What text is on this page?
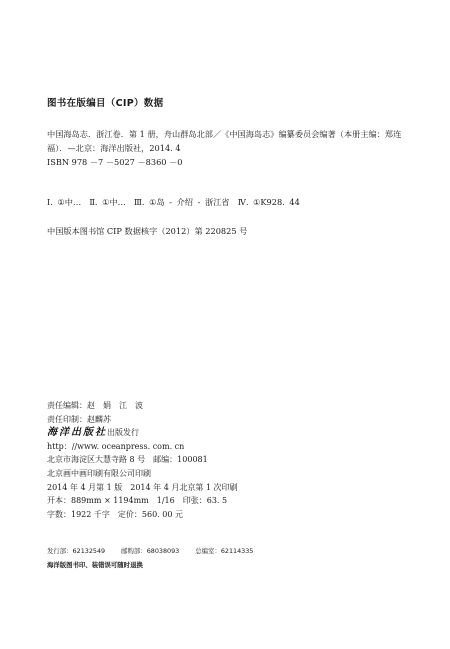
图书在版编目（CIP）数据
中国海岛志．浙江卷．第 1 册，舟山群岛北部／《中国海岛志》编纂委员会编著（本册主编：郑连
福）．—北京：海洋出版社，2014. 4
ISBN 978 －7 －5027 －8360 －0
Ⅰ. ①中…　Ⅱ. ①中…　Ⅲ. ①岛 - 介绍 - 浙江省　Ⅳ. ①K928. 44
中国版本图书馆 CIP 数据核字（2012）第 220825 号
责任编辑：赵　娟　江　波
责任印制：赵麟苏
海洋出版社出版发行
http：//www. oceanpress. com. cn
北京市海淀区大慧寺路 8 号　邮编：100081
北京画中画印刷有限公司印刷
2014 年 4 月第 1 版　2014 年 4 月北京第 1 次印刷
开本：889mm × 1194mm　1/16　印张：63. 5
字数：1922 千字　定价：560. 00 元
发行部：62132549	邮购部：68038093	总编室：62114335
海洋版图书印、装错误可随时退换
